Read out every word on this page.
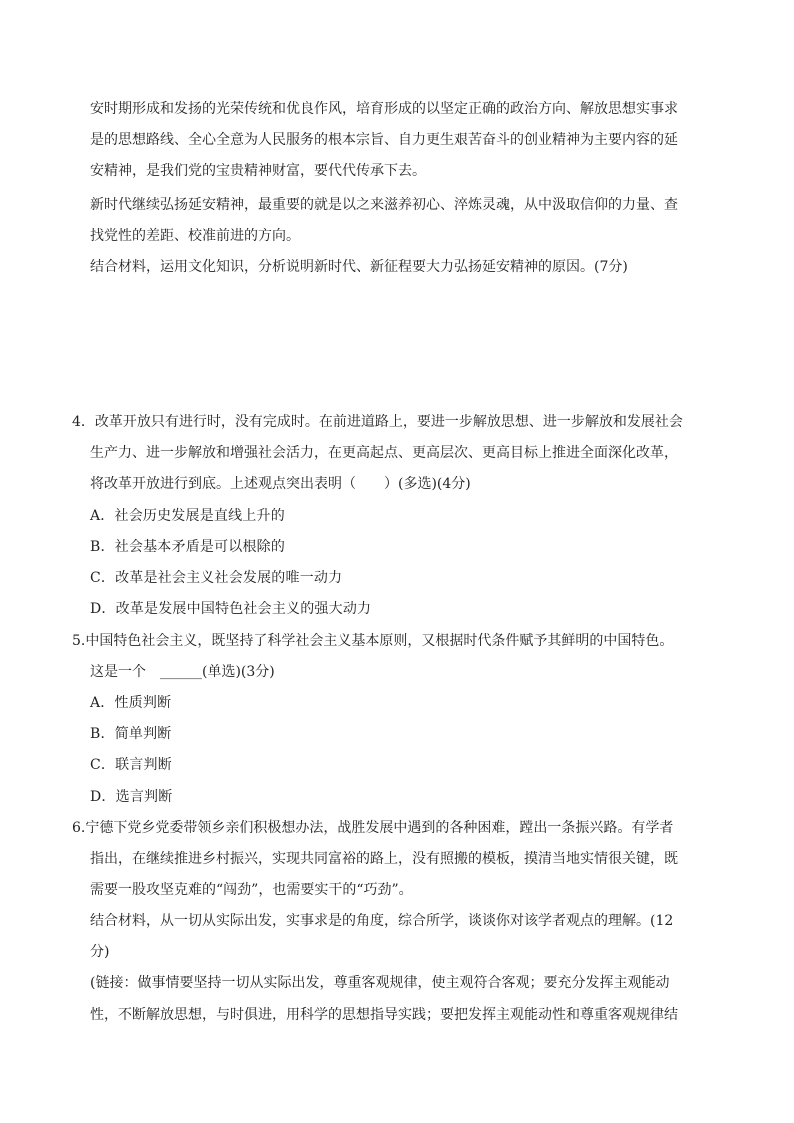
安时期形成和发扬的光荣传统和优良作风，培育形成的以坚定正确的政治方向、解放思想实事求
是的思想路线、全心全意为人民服务的根本宗旨、自力更生艰苦奋斗的创业精神为主要内容的延
安精神，是我们党的宝贵精神财富，要代代传承下去。
新时代继续弘扬延安精神，最重要的就是以之来滋养初心、淬炼灵魂，从中汲取信仰的力量、查
找党性的差距、校准前进的方向。
结合材料，运用文化知识，分析说明新时代、新征程要大力弘扬延安精神的原因。(7分)
4．改革开放只有进行时，没有完成时。在前进道路上，要进一步解放思想、进一步解放和发展社会
生产力、进一步解放和增强社会活力，在更高起点、更高层次、更高目标上推进全面深化改革，
将改革开放进行到底。上述观点突出表明（　　）(多选)(4分)
A．社会历史发展是直线上升的
B．社会基本矛盾是可以根除的
C．改革是社会主义社会发展的唯一动力
D．改革是发展中国特色社会主义的强大动力
5.中国特色社会主义，既坚持了科学社会主义基本原则，又根据时代条件赋予其鲜明的中国特色。
这是一个　______(单选)(3分)
A．性质判断
B．简单判断
C．联言判断
D．选言判断
6.宁德下党乡党委带领乡亲们积极想办法，战胜发展中遇到的各种困难，蹚出一条振兴路。有学者
指出，在继续推进乡村振兴，实现共同富裕的路上，没有照搬的模板，摸清当地实情很关键，既
需要一股攻坚克难的“闯劲”，也需要实干的“巧劲”。
结合材料，从一切从实际出发，实事求是的角度，综合所学，谈谈你对该学者观点的理解。(12
分)
(链接：做事情要坚持一切从实际出发，尊重客观规律，使主观符合客观；要充分发挥主观能动
性，不断解放思想，与时俱进，用科学的思想指导实践；要把发挥主观能动性和尊重客观规律结
